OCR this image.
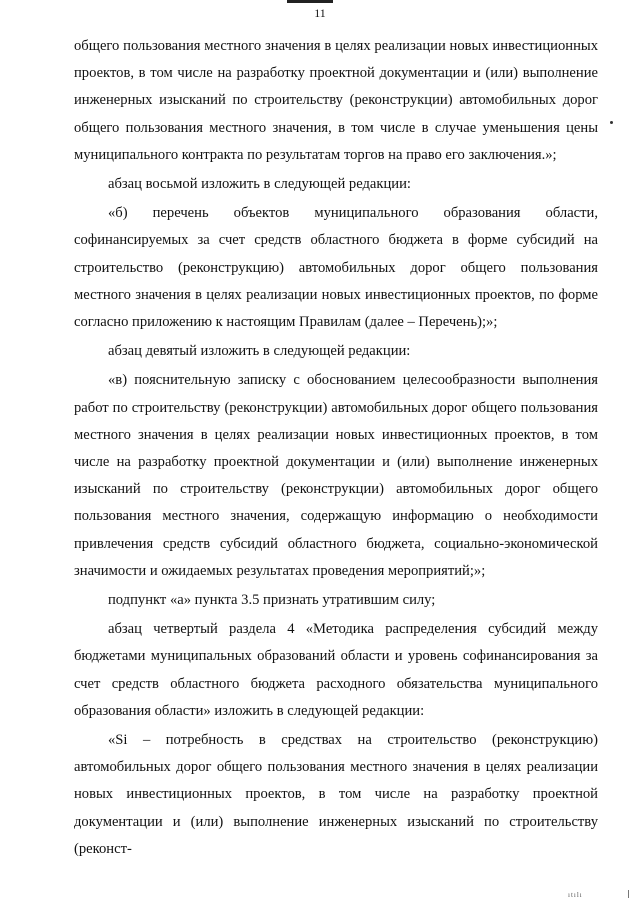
11

общего пользования местного значения в целях реализации новых инвестиционных проектов, в том числе на разработку проектной документации и (или) выполнение инженерных изысканий по строительству (реконструкции) автомобильных дорог общего пользования местного значения, в том числе в случае уменьшения цены муниципального контракта по результатам торгов на право его заключения.»;

абзац восьмой изложить в следующей редакции:

«б) перечень объектов муниципального образования области, софинансируемых за счет средств областного бюджета в форме субсидий на строительство (реконструкцию) автомобильных дорог общего пользования местного значения в целях реализации новых инвестиционных проектов, по форме согласно приложению к настоящим Правилам (далее – Перечень);»;

абзац девятый изложить в следующей редакции:

«в) пояснительную записку с обоснованием целесообразности выполнения работ по строительству (реконструкции) автомобильных дорог общего пользования местного значения в целях реализации новых инвестиционных проектов, в том числе на разработку проектной документации и (или) выполнение инженерных изысканий по строительству (реконструкции) автомобильных дорог общего пользования местного значения, содержащую информацию о необходимости привлечения средств субсидий областного бюджета, социально-экономической значимости и ожидаемых результатах проведения мероприятий;»;

подпункт «а» пункта 3.5 признать утратившим силу;

абзац четвертый раздела 4 «Методика распределения субсидий между бюджетами муниципальных образований области и уровень софинансирования за счет средств областного бюджета расходного обязательства муниципального образования области» изложить в следующей редакции:

«Si – потребность в средствах на строительство (реконструкцию) автомобильных дорог общего пользования местного значения в целях реализации новых инвестиционных проектов, в том числе на разработку проектной документации и (или) выполнение инженерных изысканий по строительству (реконст-

ıtılı
